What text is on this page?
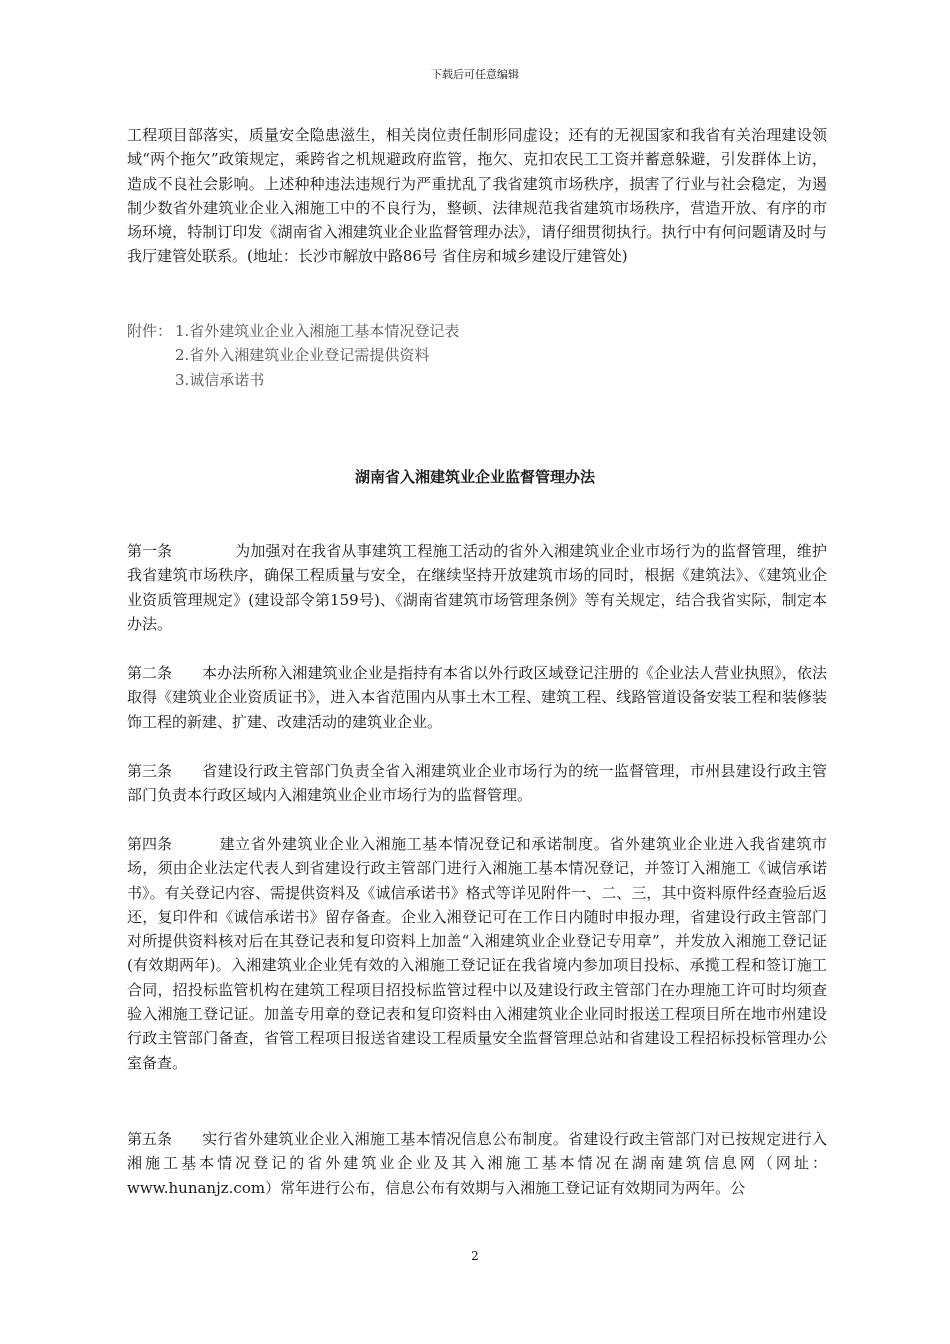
下载后可任意编辑

工程项目部落实，质量安全隐患滋生，相关岗位责任制形同虚设；还有的无视国家和我省有关治理建设领域“两个拖欠”政策规定，乘跨省之机规避政府监管，拖欠、克扣农民工工资并蓄意躲避，引发群体上访，造成不良社会影响。上述种种违法违规行为严重扰乱了我省建筑市场秩序，损害了行业与社会稳定，为遏制少数省外建筑业企业入湘施工中的不良行为，整顿、法律规范我省建筑市场秩序，营造开放、有序的市场环境，特制订印发《湖南省入湘建筑业企业监督管理办法》，请仔细贯彻执行。执行中有何问题请及时与我厅建管处联系。(地址：长沙市解放中路86号 省住房和城乡建设厅建管处)

附件： 1.省外建筑业企业入湘施工基本情况登记表
2.省外入湘建筑业企业登记需提供资料
3.诚信承诺书
湖南省入湘建筑业企业监督管理办法

第一条	为加强对在我省从事建筑工程施工活动的省外入湘建筑业企业市场行为的监督管理，维护我省建筑市场秩序，确保工程质量与安全，在继续坚持开放建筑市场的同时，根据《建筑法》、《建筑业企业资质管理规定》(建设部令第159号)、《湖南省建筑市场管理条例》等有关规定，结合我省实际，制定本办法。

第二条 本办法所称入湘建筑业企业是指持有本省以外行政区域登记注册的《企业法人营业执照》，依法取得《建筑业企业资质证书》，进入本省范围内从事土木工程、建筑工程、线路管道设备安装工程和装修装饰工程的新建、扩建、改建活动的建筑业企业。

第三条 省建设行政主管部门负责全省入湘建筑业企业市场行为的统一监督管理，市州县建设行政主管部门负责本行政区域内入湘建筑业企业市场行为的监督管理。

第四条	建立省外建筑业企业入湘施工基本情况登记和承诺制度。省外建筑业企业进入我省建筑市场，须由企业法定代表人到省建设行政主管部门进行入湘施工基本情况登记，并签订入湘施工《诚信承诺书》。有关登记内容、需提供资料及《诚信承诺书》格式等详见附件一、二、三，其中资料原件经查验后返还，复印件和《诚信承诺书》留存备查。企业入湘登记可在工作日内随时申报办理，省建设行政主管部门对所提供资料核对后在其登记表和复印资料上加盖“入湘建筑业企业登记专用章”，并发放入湘施工登记证(有效期两年)。入湘建筑业企业凭有效的入湘施工登记证在我省境内参加项目投标、承揽工程和签订施工合同，招投标监管机构在建筑工程项目招投标监管过程中以及建设行政主管部门在办理施工许可时均须查验入湘施工登记证。加盖专用章的登记表和复印资料由入湘建筑业企业同时报送工程项目所在地市州建设行政主管部门备查，省管工程项目报送省建设工程质量安全监督管理总站和省建设工程招标投标管理办公室备查。

第五条 实行省外建筑业企业入湘施工基本情况信息公布制度。省建设行政主管部门对已按规定进行入湘施工基本情况登记的省外建筑业企业及其入湘施工基本情况在湖南建筑信息网（网址：www.hunanjz.com）常年进行公布，信息公布有效期与入湘施工登记证有效期同为两年。公

2
